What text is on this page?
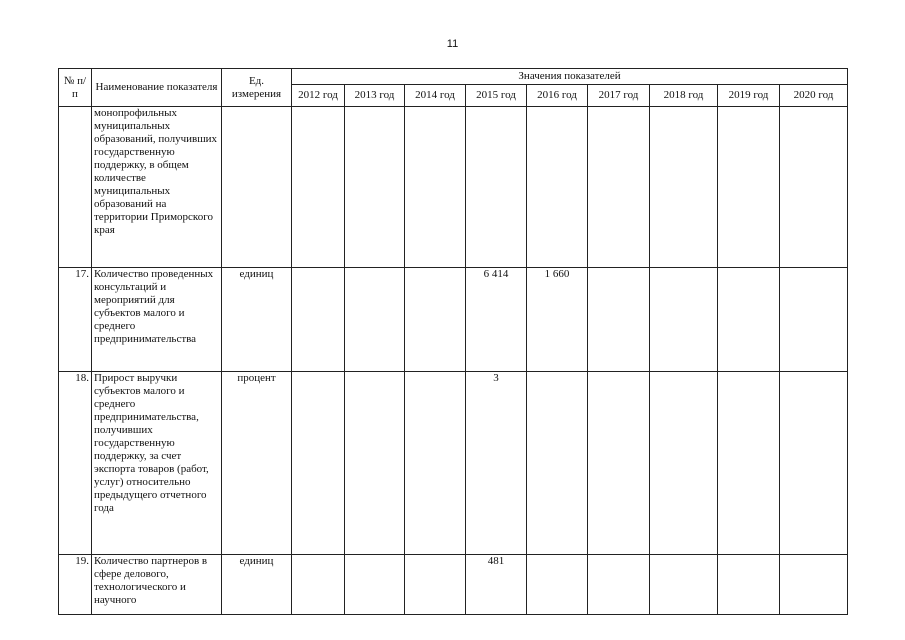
11
№ п/п	Наименование показателя	Ед. измерения	Значения показателей								
			2012 год	2013 год	2014 год	2015 год	2016 год	2017 год	2018 год	2019 год	2020 год
	монопрофильных муниципальных образований, получивших государственную поддержку, в общем количестве муниципальных образований на территории Приморского края										
17.	Количество проведенных консультаций и мероприятий для субъектов малого и среднего предпринимательства	единиц				6 414	1 660				
18.	Прирост выручки субъектов малого и среднего предпринимательства, получивших государственную поддержку, за счет экспорта товаров (работ, услуг) относительно предыдущего отчетного года	процент				3					
19.	Количество партнеров в сфере делового, технологического и научного	единиц				481					
